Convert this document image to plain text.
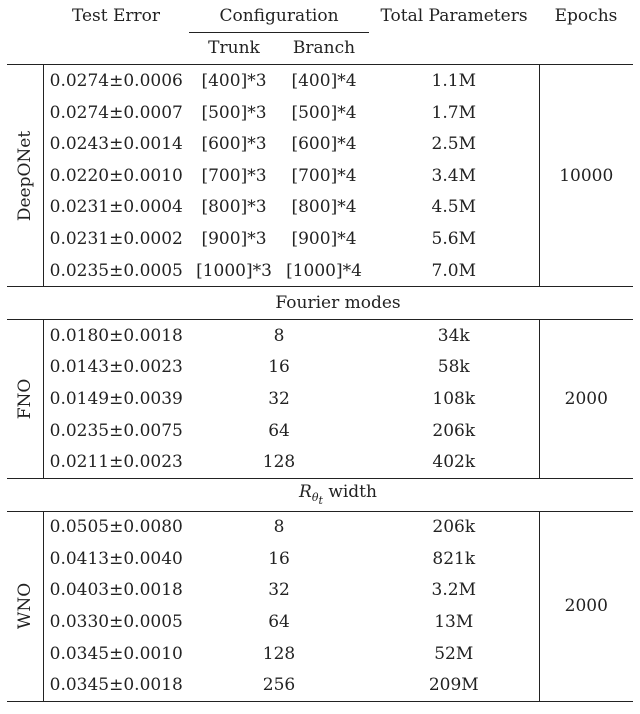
	Test Error	Configuration		Total Parameters	Epochs
		Trunk	Branch		

DeepONet	0.0274±0.0006	[400]*3	[400]*4	1.1M	10000
	0.0274±0.0007	[500]*3	[500]*4	1.7M	
	0.0243±0.0014	[600]*3	[600]*4	2.5M	
	0.0220±0.0010	[700]*3	[700]*4	3.4M	
	0.0231±0.0004	[800]*3	[800]*4	4.5M	
	0.0231±0.0002	[900]*3	[900]*4	5.6M	
	0.0235±0.0005	[1000]*3	[1000]*4	7.0M	
	Fourier modes				

FNO	0.0180±0.0018	8		34k	2000
	0.0143±0.0023	16		58k	
	0.0149±0.0039	32		108k	
	0.0235±0.0075	64		206k	
	0.0211±0.0023	128		402k	
	$R_{\theta_t}$ width				

WNO	0.0505±0.0080	8		206k	2000
	0.0413±0.0040	16		821k	
	0.0403±0.0018	32		3.2M	
	0.0330±0.0005	64		13M	
	0.0345±0.0010	128		52M	
	0.0345±0.0018	256		209M	
